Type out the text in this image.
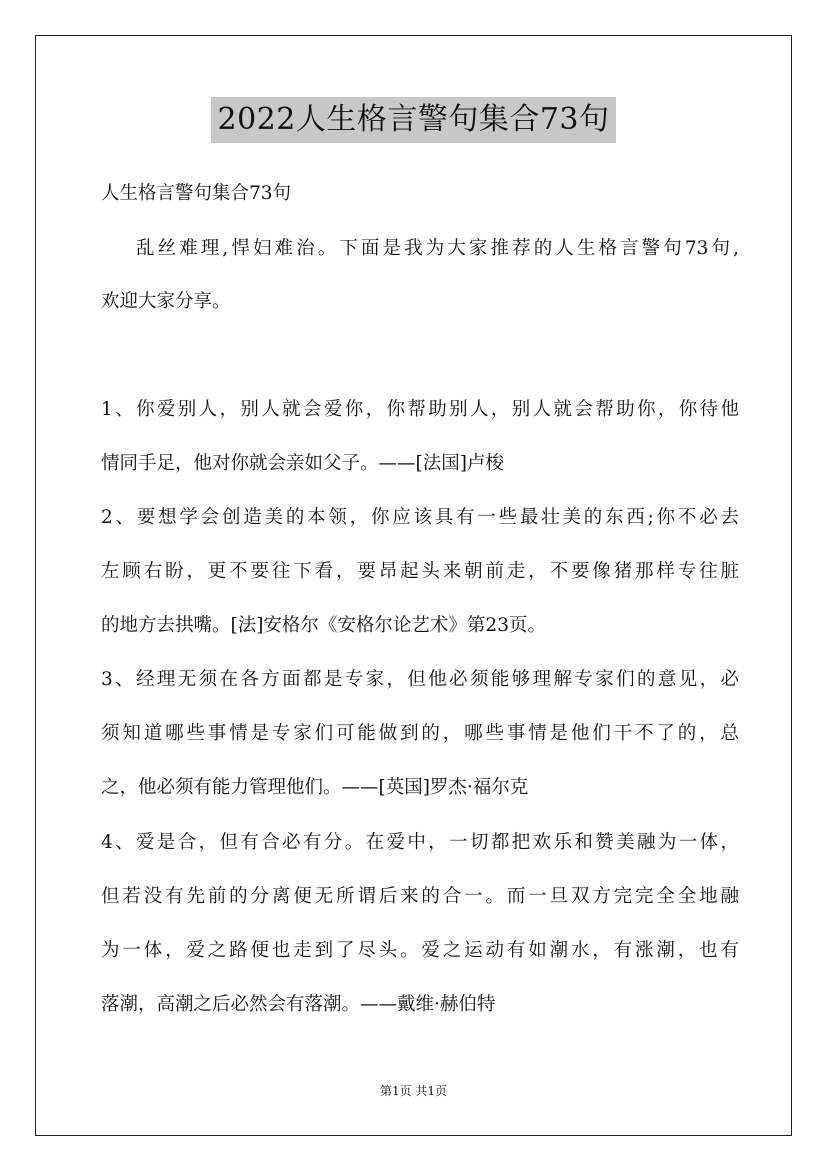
2022人生格言警句集合73句
人生格言警句集合73句
乱丝难理,悍妇难治。下面是我为大家推荐的人生格言警句73句,
欢迎大家分享。
1、你爱别人，别人就会爱你，你帮助别人，别人就会帮助你，你待他
情同手足，他对你就会亲如父子。——[法国]卢梭
2、要想学会创造美的本领，你应该具有一些最壮美的东西;你不必去
左顾右盼，更不要往下看，要昂起头来朝前走，不要像猪那样专往脏
的地方去拱嘴。[法]安格尔《安格尔论艺术》第23页。
3、经理无须在各方面都是专家，但他必须能够理解专家们的意见，必
须知道哪些事情是专家们可能做到的，哪些事情是他们干不了的，总
之，他必须有能力管理他们。——[英国]罗杰·福尔克
4、爱是合，但有合必有分。在爱中，一切都把欢乐和赞美融为一体，
但若没有先前的分离便无所谓后来的合一。而一旦双方完完全全地融
为一体，爱之路便也走到了尽头。爱之运动有如潮水，有涨潮，也有
落潮，高潮之后必然会有落潮。——戴维·赫伯特
第1页 共1页
